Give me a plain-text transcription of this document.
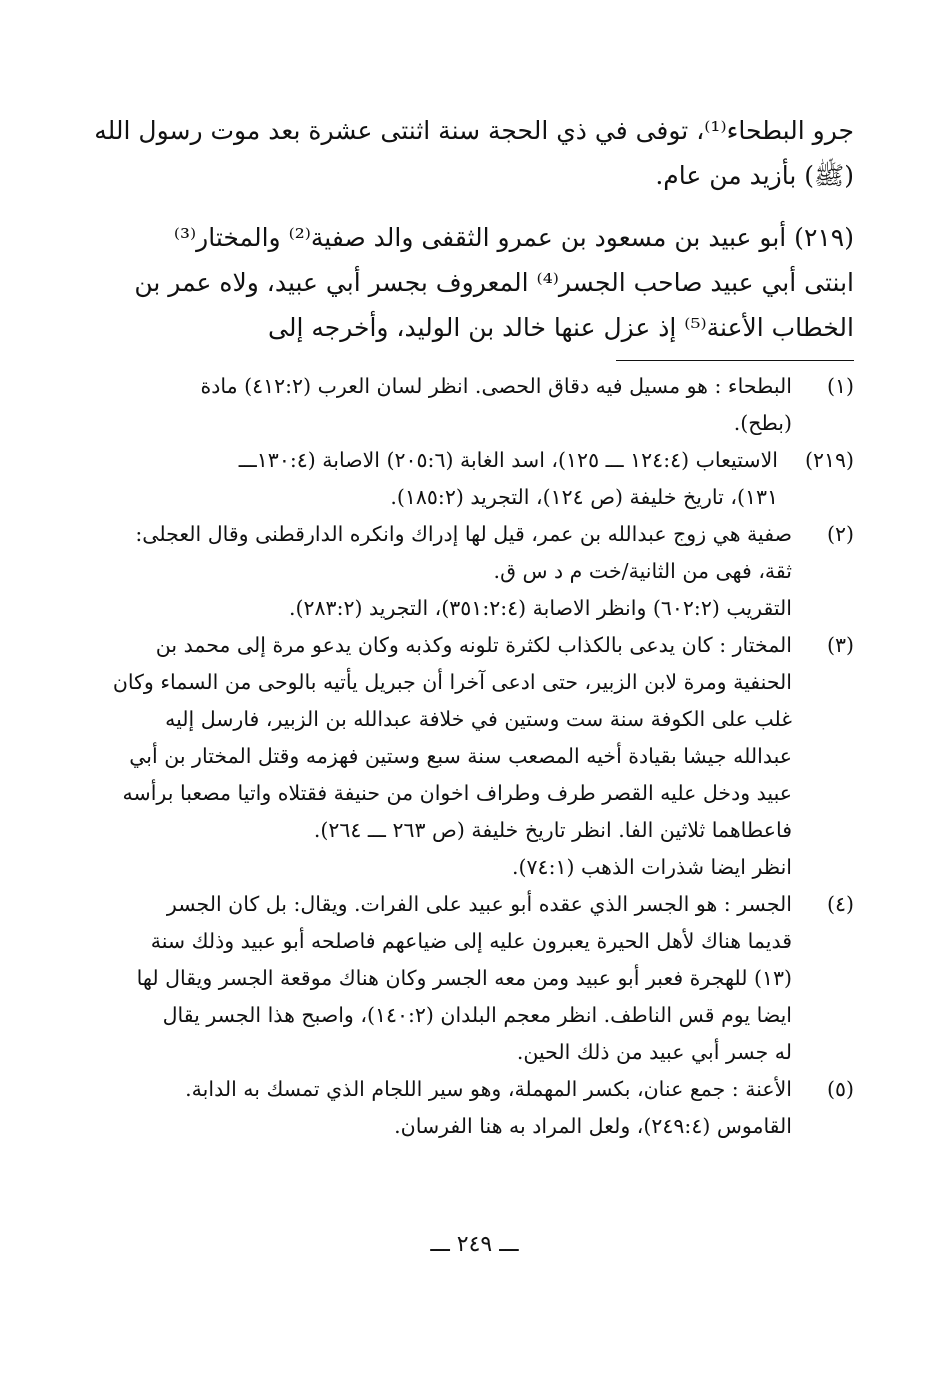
جرو البطحاء⁽¹⁾، توفى في ذي الحجة سنة اثنتى عشرة بعد موت رسول الله
(ﷺ) بأزيد من عام.

(٢١٩) أبو عبيد بن مسعود بن عمرو الثقفى والد صفية⁽²⁾ والمختار⁽³⁾
ابنتى أبي عبيد صاحب الجسر⁽⁴⁾ المعروف بجسر أبي عبيد، ولاه عمر بن
الخطاب الأعنة⁽⁵⁾ إذ عزل عنها خالد بن الوليد، وأخرجه إلى

(١)

البطحاء : هو مسيل فيه دقاق الحصى. انظر لسان العرب (٤١٢:٢) مادة

(بطح).

(٢١٩)

الاستيعاب (١٢٤:٤ ـــ ١٢٥)، اسد الغابة (٢٠٥:٦) الاصابة (١٣٠:٤ـــ

١٣١)، تاريخ خليفة (ص ١٢٤)، التجريد (١٨٥:٢).

(٢)

صفية هي زوج عبدالله بن عمر، قيل لها إدراك وانكره الدارقطنى وقال العجلى:

ثقة، فهى من الثانية/خت م د س ق.

التقريب (٦٠٢:٢) وانظر الاصابة (٣٥١:٢:٤)، التجريد (٢٨٣:٢).

(٣)

المختار : كان يدعى بالكذاب لكثرة تلونه وكذبه وكان يدعو مرة إلى محمد بن

الحنفية ومرة لابن الزبير، حتى ادعى آخرا أن جبريل يأتيه بالوحى من السماء وكان

غلب على الكوفة سنة ست وستين في خلافة عبدالله بن الزبير، فارسل إليه

عبدالله جيشا بقيادة أخيه المصعب سنة سبع وستين فهزمه وقتل المختار بن أبي

عبيد ودخل عليه القصر طرف وطراف اخوان من حنيفة فقتلاه واتيا مصعبا برأسه

فاعطاهما ثلاثين الفا. انظر تاريخ خليفة (ص ٢٦٣ ـــ ٢٦٤).

انظر ايضا شذرات الذهب (٧٤:١).

(٤)

الجسر : هو الجسر الذي عقده أبو عبيد على الفرات. ويقال: بل كان الجسر

قديما هناك لأهل الحيرة يعبرون عليه إلى ضياعهم فاصلحه أبو عبيد وذلك سنة

(١٣) للهجرة فعبر أبو عبيد ومن معه الجسر وكان هناك موقعة الجسر ويقال لها

ايضا يوم قس الناطف. انظر معجم البلدان (١٤٠:٢)، واصبح هذا الجسر يقال

له جسر أبي عبيد من ذلك الحين.

(٥)

الأعنة : جمع عنان، بكسر المهملة، وهو سير اللجام الذي تمسك به الدابة.

القاموس (٢٤٩:٤)، ولعل المراد به هنا الفرسان.

ـــ ٢٤٩ ـــ
